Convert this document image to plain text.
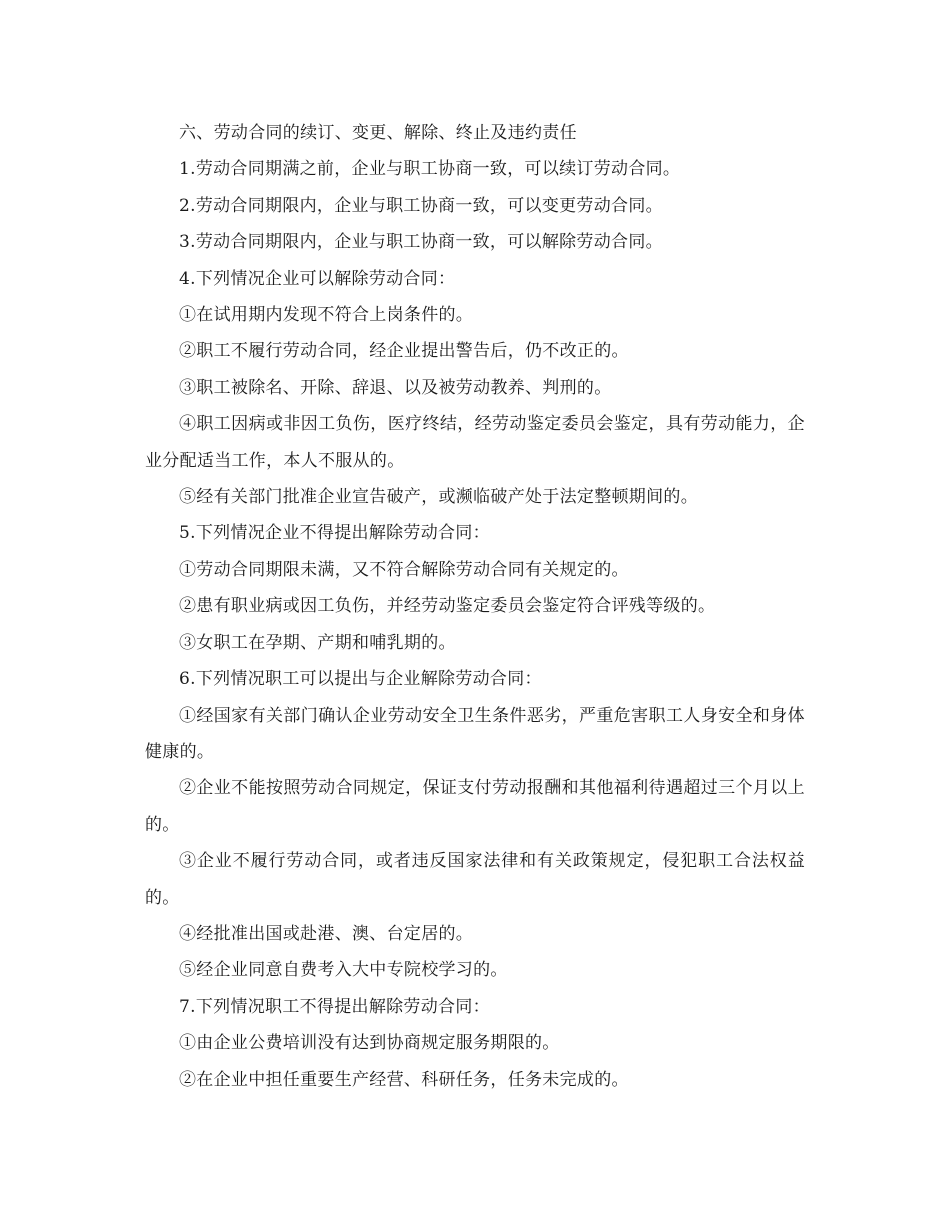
六、劳动合同的续订、变更、解除、终止及违约责任

1.劳动合同期满之前，企业与职工协商一致，可以续订劳动合同。

2.劳动合同期限内，企业与职工协商一致，可以变更劳动合同。

3.劳动合同期限内，企业与职工协商一致，可以解除劳动合同。

4.下列情况企业可以解除劳动合同：

①在试用期内发现不符合上岗条件的。

②职工不履行劳动合同，经企业提出警告后，仍不改正的。

③职工被除名、开除、辞退、以及被劳动教养、判刑的。

④职工因病或非因工负伤，医疗终结，经劳动鉴定委员会鉴定，具有劳动能力，企业分配适当工作，本人不服从的。

⑤经有关部门批准企业宣告破产，或濒临破产处于法定整顿期间的。

5.下列情况企业不得提出解除劳动合同：

①劳动合同期限未满，又不符合解除劳动合同有关规定的。

②患有职业病或因工负伤，并经劳动鉴定委员会鉴定符合评残等级的。

③女职工在孕期、产期和哺乳期的。

6.下列情况职工可以提出与企业解除劳动合同：

①经国家有关部门确认企业劳动安全卫生条件恶劣，严重危害职工人身安全和身体健康的。

②企业不能按照劳动合同规定，保证支付劳动报酬和其他福利待遇超过三个月以上的。

③企业不履行劳动合同，或者违反国家法律和有关政策规定，侵犯职工合法权益的。

④经批准出国或赴港、澳、台定居的。

⑤经企业同意自费考入大中专院校学习的。

7.下列情况职工不得提出解除劳动合同：

①由企业公费培训没有达到协商规定服务期限的。

②在企业中担任重要生产经营、科研任务，任务未完成的。
